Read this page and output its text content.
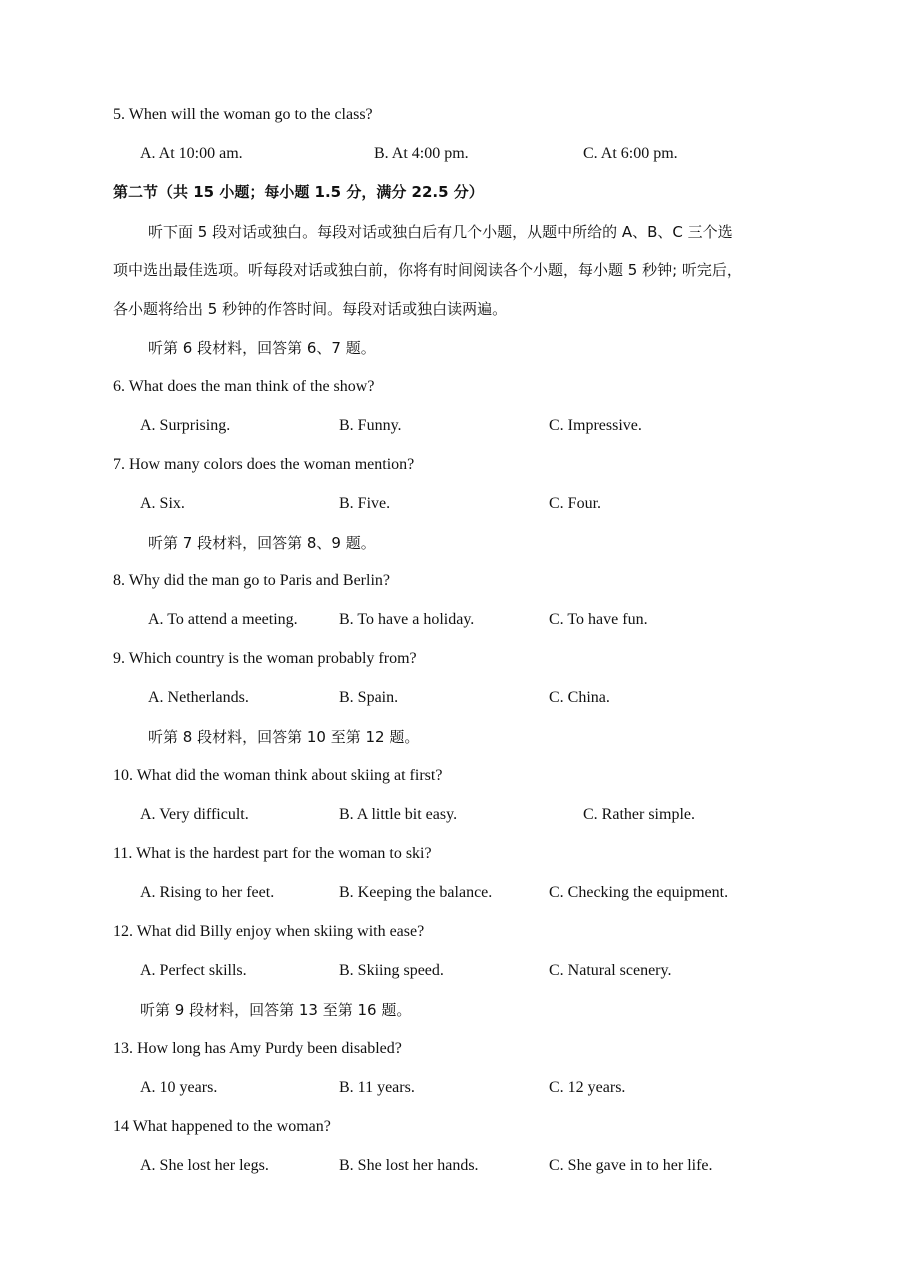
5. When will the woman go to the class?
A. At 10:00 am.	B. At 4:00 pm.	C. At 6:00 pm.
第二节（共 15 小题；每小题 1.5 分，满分 22.5 分）
听下面 5 段对话或独白。每段对话或独白后有几个小题，从题中所给的 A、B、C 三个选
项中选出最佳选项。听每段对话或独白前，你将有时间阅读各个小题，每小题 5 秒钟; 听完后，
各小题将给出 5 秒钟的作答时间。每段对话或独白读两遍。
听第 6 段材料，回答第 6、7 题。
6. What does the man think of the show?
A. Surprising.	B. Funny.	C. Impressive.
7. How many colors does the woman mention?
A. Six.	B. Five.	C. Four.
听第 7 段材料，回答第 8、9 题。
8. Why did the man go to Paris and Berlin?
A. To attend a meeting.	B. To have a holiday.	C. To have fun.
9. Which country is the woman probably from?
A. Netherlands.	B. Spain.	C. China.
听第 8 段材料，回答第 10 至第 12 题。
10. What did the woman think about skiing at first?
A. Very difficult.	B. A little bit easy.	C. Rather simple.
11. What is the hardest part for the woman to ski?
A. Rising to her feet.	B. Keeping the balance.	C. Checking the equipment.
12. What did Billy enjoy when skiing with ease?
A. Perfect skills.	B. Skiing speed.	C. Natural scenery.
听第 9 段材料，回答第 13 至第 16 题。
13. How long has Amy Purdy been disabled?
A. 10 years.	B. 11 years.	C. 12 years.
14 What happened to the woman?
A. She lost her legs.	B. She lost her hands.	C. She gave in to her life.
